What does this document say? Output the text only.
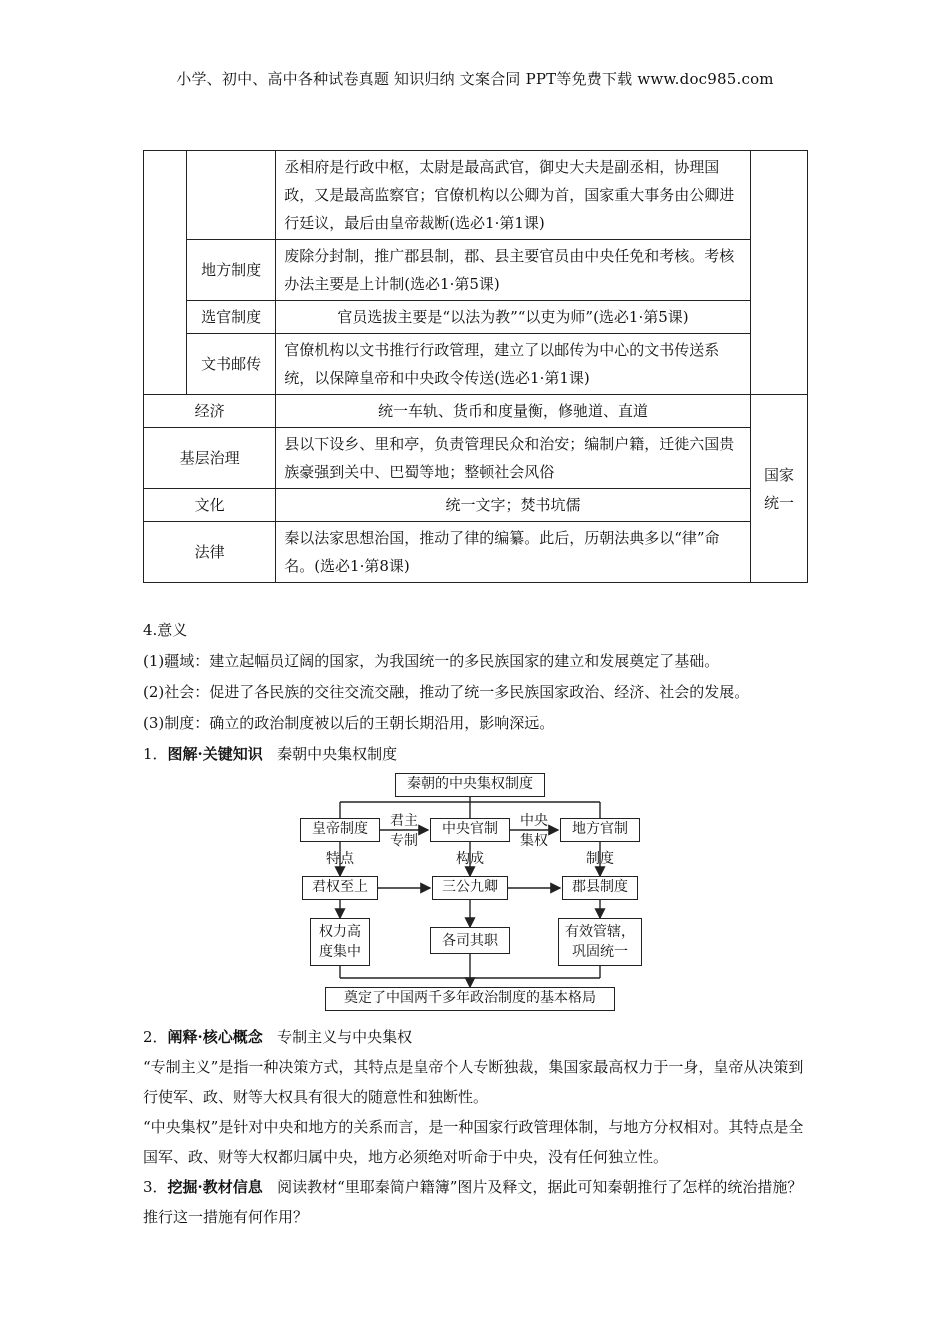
小学、初中、高中各种试卷真题 知识归纳 文案合同 PPT等免费下载 www.doc985.com
		丞相府是行政中枢，太尉是最高武官，御史大夫是副丞相，协理国政，又是最高监察官；官僚机构以公卿为首，国家重大事务由公卿进行廷议，最后由皇帝裁断(选必1·第1课)	
	地方制度	废除分封制，推广郡县制，郡、县主要官员由中央任免和考核。考核办法主要是上计制(选必1·第5课)	
	选官制度	官员选拔主要是“以法为教”“以吏为师”(选必1·第5课)	
	文书邮传	官僚机构以文书推行行政管理，建立了以邮传为中心的文书传送系统，以保障皇帝和中央政令传送(选必1·第1课)	
经济		统一车轨、货币和度量衡，修驰道、直道	国家统一
基层治理		县以下设乡、里和亭，负责管理民众和治安；编制户籍，迁徙六国贵族豪强到关中、巴蜀等地；整顿社会风俗	
文化		统一文字；焚书坑儒	
法律		秦以法家思想治国，推动了律的编纂。此后，历朝法典多以“律”命名。(选必1·第8课)	
4.意义
(1)疆域：建立起幅员辽阔的国家，为我国统一的多民族国家的建立和发展奠定了基础。
(2)社会：促进了各民族的交往交流交融，推动了统一多民族国家政治、经济、社会的发展。
(3)制度：确立的政治制度被以后的王朝长期沿用，影响深远。
1．图解·关键知识 秦朝中央集权制度
秦朝的中央集权制度
皇帝制度	中央官制	地方官制
君主
专制
中央
集权
特点	构成	制度
君权至上	三公九卿	郡县制度
权力高
度集中
各司其职
有效管辖，
巩固统一
奠定了中国两千多年政治制度的基本格局
2．阐释·核心概念 专制主义与中央集权
“专制主义”是指一种决策方式，其特点是皇帝个人专断独裁，集国家最高权力于一身，皇帝从决策到行使军、政、财等大权具有很大的随意性和独断性。
“中央集权”是针对中央和地方的关系而言，是一种国家行政管理体制，与地方分权相对。其特点是全国军、政、财等大权都归属中央，地方必须绝对听命于中央，没有任何独立性。
3．挖掘·教材信息 阅读教材“里耶秦简户籍簿”图片及释文，据此可知秦朝推行了怎样的统治措施？推行这一措施有何作用？
